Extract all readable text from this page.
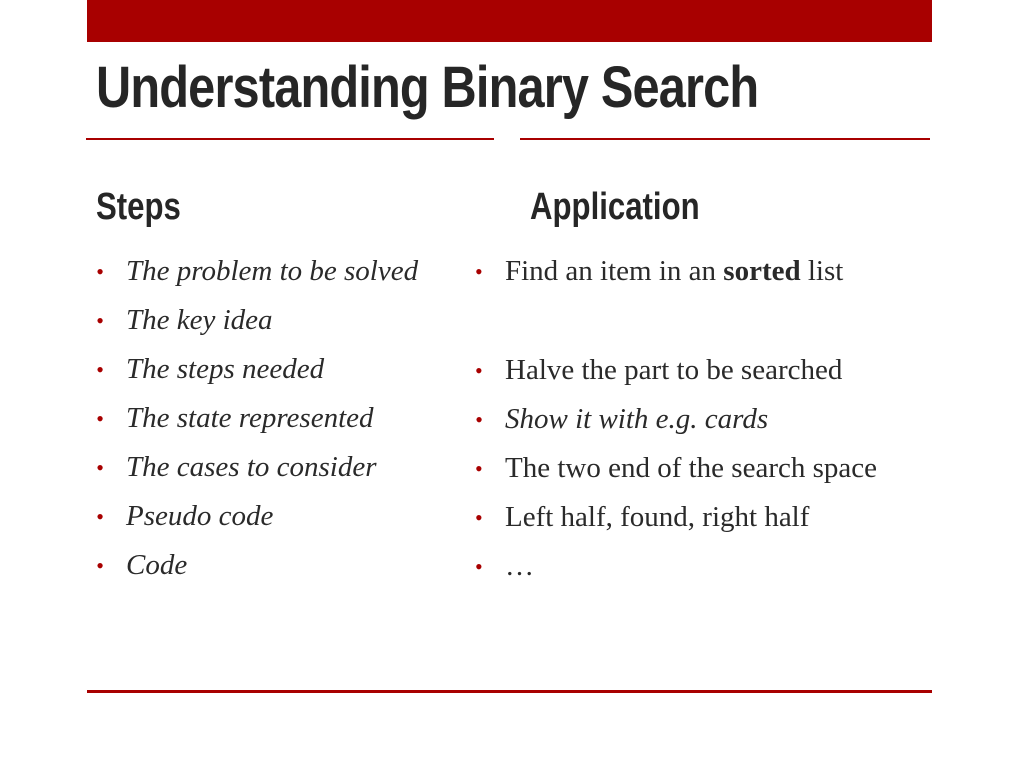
Understanding Binary Search
Steps	Application
• The problem to be solved
• The key idea
• The steps needed
• The state represented
• The cases to consider
• Pseudo code
• Code
• Find an item in an sorted list
• Halve the part to be searched
• Show it with e.g. cards
• The two end of the search space
• Left half, found, right half
• …
